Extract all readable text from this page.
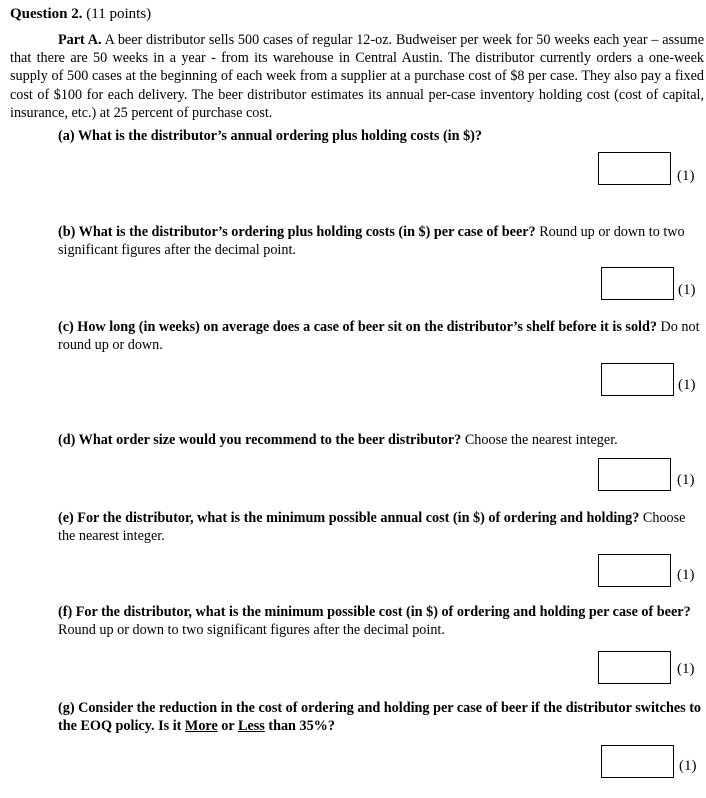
Question 2. (11 points)
Part A. A beer distributor sells 500 cases of regular 12-oz. Budweiser per week for 50 weeks each year – assume that there are 50 weeks in a year - from its warehouse in Central Austin. The distributor currently orders a one-week supply of 500 cases at the beginning of each week from a supplier at a purchase cost of $8 per case. They also pay a fixed cost of $100 for each delivery. The beer distributor estimates its annual per-case inventory holding cost (cost of capital, insurance, etc.) at 25 percent of purchase cost.
(a) What is the distributor’s annual ordering plus holding costs (in $)?
(1)
(b) What is the distributor’s ordering plus holding costs (in $) per case of beer? Round up or down to two significant figures after the decimal point.
(1)
(c) How long (in weeks) on average does a case of beer sit on the distributor’s shelf before it is sold? Do not round up or down.
(1)
(d) What order size would you recommend to the beer distributor? Choose the nearest integer.
(1)
(e) For the distributor, what is the minimum possible annual cost (in $) of ordering and holding? Choose the nearest integer.
(1)
(f) For the distributor, what is the minimum possible cost (in $) of ordering and holding per case of beer? Round up or down to two significant figures after the decimal point.
(1)
(g) Consider the reduction in the cost of ordering and holding per case of beer if the distributor switches to the EOQ policy. Is it More or Less than 35%?
(1)
